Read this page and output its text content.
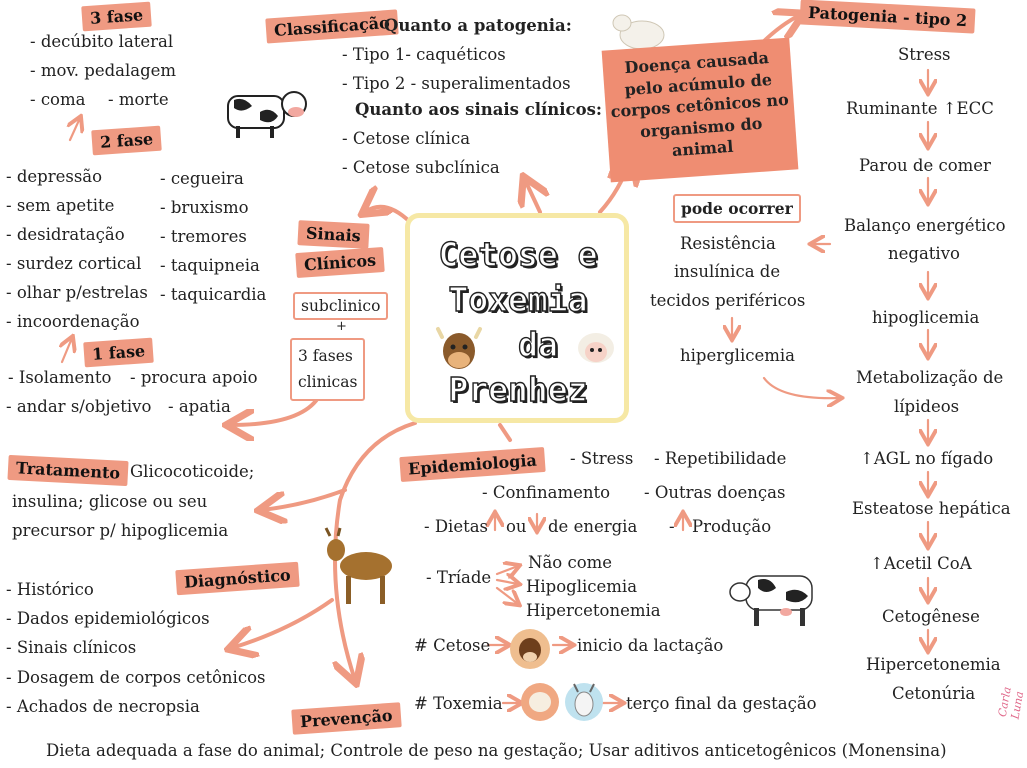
Cetose e
Toxemia
da
Prenhez
Classificação
Quanto a patogenia:
- Tipo 1- caquéticos
- Tipo 2 - superalimentados
Quanto aos sinais clínicos:
- Cetose clínica
- Cetose subclínica
Doença causada pelo acúmulo de corpos cetônicos no organismo do animal
Patogenia - tipo 2
Stress
Ruminante ↑ECC
Parou de comer
Balanço energético
negativo
hipoglicemia
Metabolização de
lípideos
↑AGL no fígado
Esteatose hepática
↑Acetil CoA
Cetogênese
Hipercetonemia
Cetonúria
pode ocorrer
Resistência
insulínica de
tecidos periféricos
hiperglicemia
Sinais
Clínicos
subclinico
+
3 fases
clinicas
3 fase
- decúbito lateral
- mov. pedalagem
- coma - morte
2 fase
- depressão
- sem apetite
- desidratação
- surdez cortical
- olhar p/estrelas
- incoordenação
- cegueira
- bruxismo
- tremores
- taquipneia
- taquicardia
1 fase
- Isolamento - procura apoio
- andar s/objetivo - apatia
Tratamento Glicocoticoide;
insulina; glicose ou seu
precursor p/ hipoglicemia
Diagnóstico
- Histórico
- Dados epidemiológicos
- Sinais clínicos
- Dosagem de corpos cetônicos
- Achados de necropsia	Prevenção
Dieta adequada a fase do animal; Controle de peso na gestação; Usar aditivos anticetogênicos (Monensina)
Epidemiologia	- Stress - Repetibilidade
- Confinamento - Outras doenças
- Dietas ou de energia - Produção
- Tríade
Não come
Hipoglicemia
Hipercetonemia
# Cetose	inicio da lactação
# Toxemia	terço final da gestação	Carla Luna
